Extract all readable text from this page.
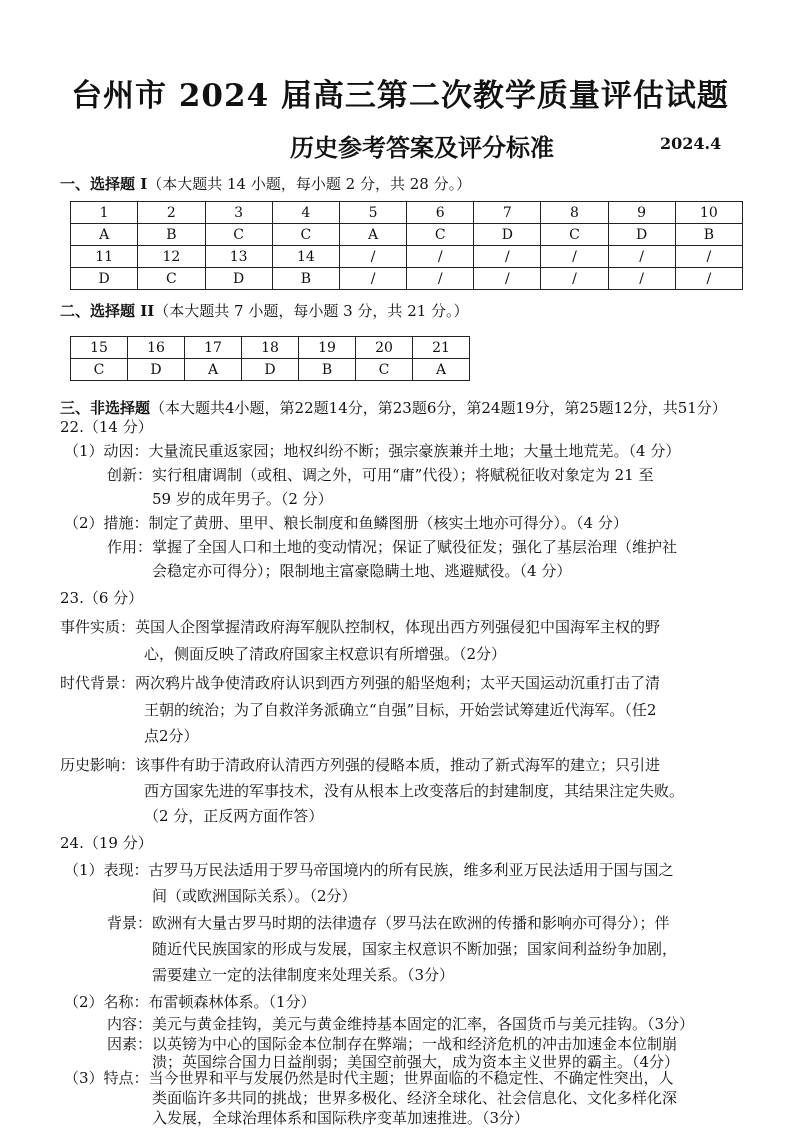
台州市 2024 届高三第二次教学质量评估试题
历史参考答案及评分标准	2024.4
一、选择题 I（本大题共 14 小题，每小题 2 分，共 28 分。）
1	2	3	4	5	6	7	8	9	10
A	B	C	C	A	C	D	C	D	B
11	12	13	14	/	/	/	/	/	/
D	C	D	B	/	/	/	/	/	/
二、选择题 II（本大题共 7 小题，每小题 3 分，共 21 分。）
15	16	17	18	19	20	21
C	D	A	D	B	C	A
三、非选择题（本大题共4小题，第22题14分，第23题6分，第24题19分，第25题12分，共51分）
22.（14 分）
（1）动因：大量流民重返家园；地权纠纷不断；强宗豪族兼并土地；大量土地荒芜。（4 分）
创新：实行租庸调制（或租、调之外，可用“庸”代役）；将赋税征收对象定为 21 至
59 岁的成年男子。（2 分）
（2）措施：制定了黄册、里甲、粮长制度和鱼鳞图册（核实土地亦可得分）。（4 分）
作用：掌握了全国人口和土地的变动情况；保证了赋役征发；强化了基层治理（维护社
会稳定亦可得分）；限制地主富豪隐瞒土地、逃避赋役。（4 分）
23.（6 分）
事件实质：英国人企图掌握清政府海军舰队控制权，体现出西方列强侵犯中国海军主权的野
心，侧面反映了清政府国家主权意识有所增强。（2分）
时代背景：两次鸦片战争使清政府认识到西方列强的船坚炮利；太平天国运动沉重打击了清
王朝的统治；为了自救洋务派确立“自强”目标，开始尝试筹建近代海军。（任2
点2分）
历史影响：该事件有助于清政府认清西方列强的侵略本质，推动了新式海军的建立；只引进
西方国家先进的军事技术，没有从根本上改变落后的封建制度，其结果注定失败。
（2 分，正反两方面作答）
24.（19 分）
（1）表现：古罗马万民法适用于罗马帝国境内的所有民族，维多利亚万民法适用于国与国之
间（或欧洲国际关系）。（2分）
背景：欧洲有大量古罗马时期的法律遗存（罗马法在欧洲的传播和影响亦可得分）；伴
随近代民族国家的形成与发展，国家主权意识不断加强；国家间利益纷争加剧，
需要建立一定的法律制度来处理关系。（3分）
（2）名称：布雷顿森林体系。（1分）
内容：美元与黄金挂钩，美元与黄金维持基本固定的汇率，各国货币与美元挂钩。（3分）
因素：以英镑为中心的国际金本位制存在弊端；一战和经济危机的冲击加速金本位制崩
溃；英国综合国力日益削弱；美国空前强大，成为资本主义世界的霸主。（4分）
（3）特点：当今世界和平与发展仍然是时代主题；世界面临的不稳定性、不确定性突出，人
类面临许多共同的挑战；世界多极化、经济全球化、社会信息化、文化多样化深
入发展，全球治理体系和国际秩序变革加速推进。（3分）
